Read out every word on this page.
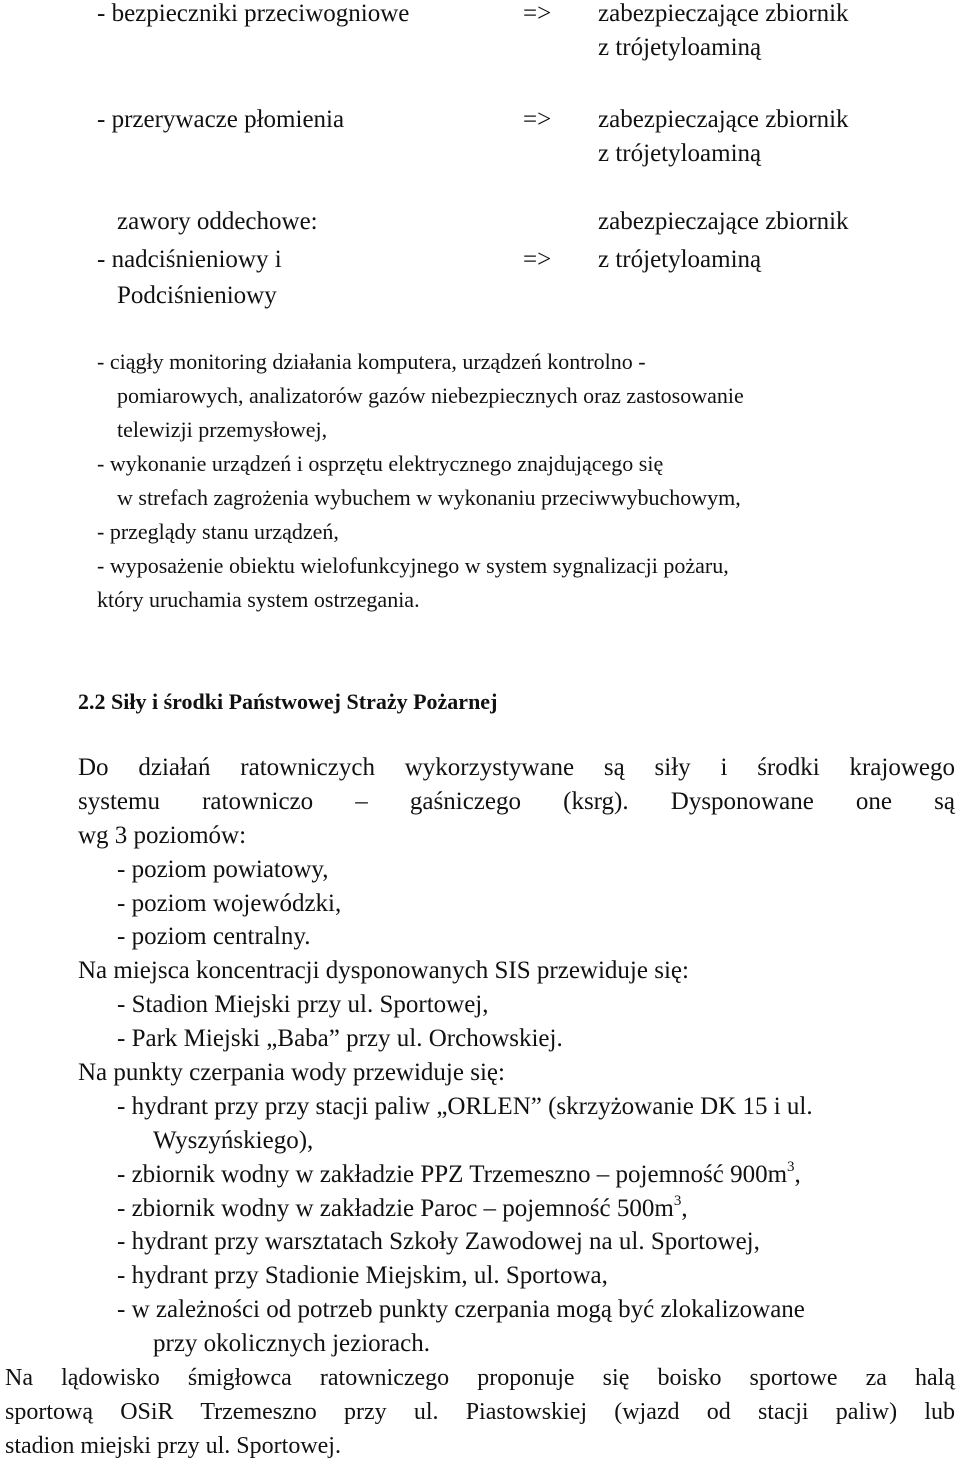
- bezpieczniki przeciwogniowe	=> zabezpieczające zbiornik
z trójetyloaminą
- przerywacze płomienia	=> zabezpieczające zbiornik
z trójetyloaminą
zawory oddechowe:
- nadciśnieniowy i
Podciśnieniowy
=>
zabezpieczające zbiornik
z trójetyloaminą
- ciągły monitoring działania komputera, urządzeń kontrolno -
pomiarowych, analizatorów gazów niebezpiecznych oraz zastosowanie
telewizji przemysłowej,
- wykonanie urządzeń i osprzętu elektrycznego znajdującego się
w strefach zagrożenia wybuchem w wykonaniu przeciwwybuchowym,
- przeglądy stanu urządzeń,
- wyposażenie obiektu wielofunkcyjnego w system sygnalizacji pożaru,
który uruchamia system ostrzegania.
2.2 Siły i środki Państwowej Straży Pożarnej
Do działań ratowniczych wykorzystywane są siły i środki krajowego
systemu ratowniczo – gaśniczego (ksrg). Dysponowane one są
wg 3 poziomów:
- poziom powiatowy,
- poziom wojewódzki,
- poziom centralny.
Na miejsca koncentracji dysponowanych SIS przewiduje się:
- Stadion Miejski przy ul. Sportowej,
- Park Miejski „Baba” przy ul. Orchowskiej.
Na punkty czerpania wody przewiduje się:
- hydrant przy przy stacji paliw „ORLEN” (skrzyżowanie DK 15 i ul.
Wyszyńskiego),
- zbiornik wodny w zakładzie PPZ Trzemeszno – pojemność $900m^3$,
- zbiornik wodny w zakładzie Paroc – pojemność $500m^3$,
- hydrant przy warsztatach Szkoły Zawodowej na ul. Sportowej,
- hydrant przy Stadionie Miejskim, ul. Sportowa,
- w zależności od potrzeb punkty czerpania mogą być zlokalizowane
przy okolicznych jeziorach.
Na lądowisko śmigłowca ratowniczego proponuje się boisko sportowe za halą
sportową OSiR Trzemeszno przy ul. Piastowskiej (wjazd od stacji paliw) lub
stadion miejski przy ul. Sportowej.
